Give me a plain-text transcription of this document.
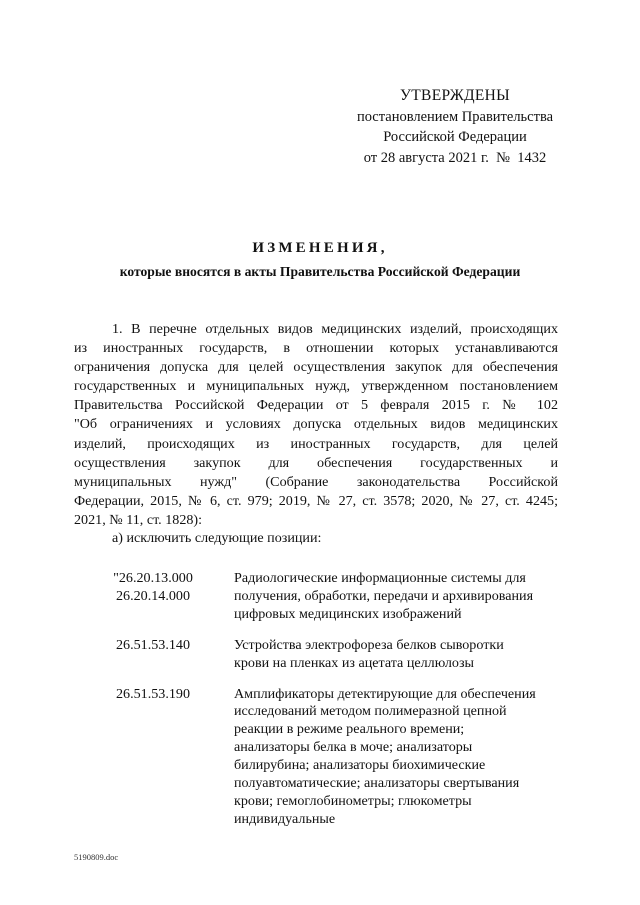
УТВЕРЖДЕНЫ
постановлением Правительства
Российской Федерации
от 28 августа 2021 г.  №  1432
ИЗМЕНЕНИЯ,
которые вносятся в акты Правительства Российской Федерации
1. В перечне отдельных видов медицинских изделий, происходящих
из иностранных государств, в отношении которых устанавливаются
ограничения допуска для целей осуществления закупок для обеспечения
государственных и муниципальных нужд, утвержденном постановлением
Правительства Российской Федерации от 5 февраля 2015 г. № 102
"Об ограничениях и условиях допуска отдельных видов медицинских
изделий, происходящих из иностранных государств, для целей
осуществления закупок для обеспечения государственных и
муниципальных нужд" (Собрание законодательства Российской
Федерации, 2015, № 6, ст. 979; 2019, № 27, ст. 3578; 2020, № 27, ст. 4245;
2021, № 11, ст. 1828):
а) исключить следующие позиции:
"26.20.13.000
26.20.14.000
Радиологические информационные системы для
получения, обработки, передачи и архивирования
цифровых медицинских изображений
26.51.53.140	Устройства электрофореза белков сыворотки
крови на пленках из ацетата целлюлозы
26.51.53.190	Амплификаторы детектирующие для обеспечения
исследований методом полимеразной цепной
реакции в режиме реального времени;
анализаторы белка в моче; анализаторы
билирубина; анализаторы биохимические
полуавтоматические; анализаторы свертывания
крови; гемоглобинометры; глюкометры
индивидуальные
5190809.doc
